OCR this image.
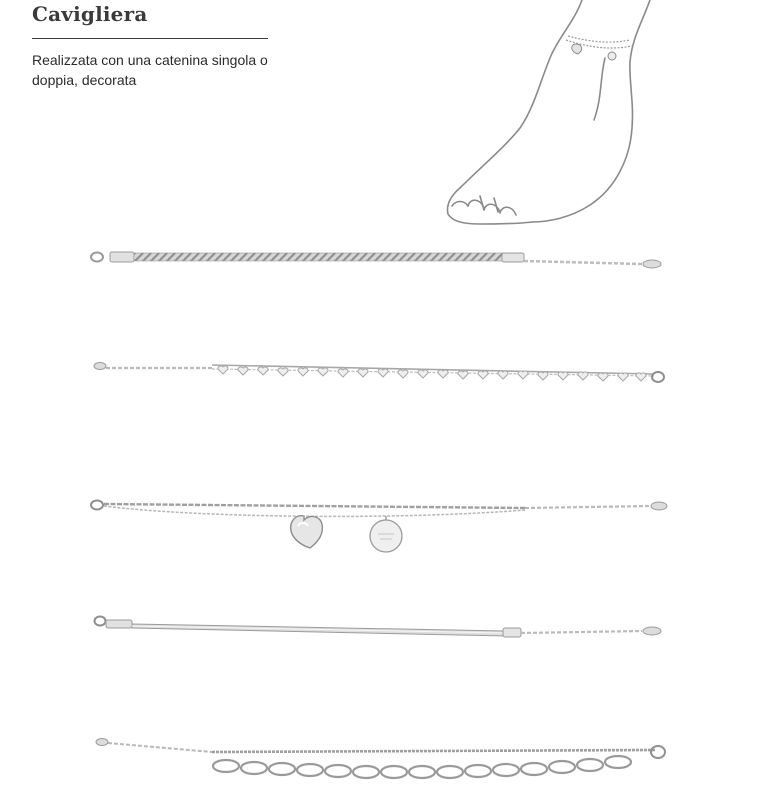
Cavigliera
Realizzata con una catenina singola o doppia, decorata
